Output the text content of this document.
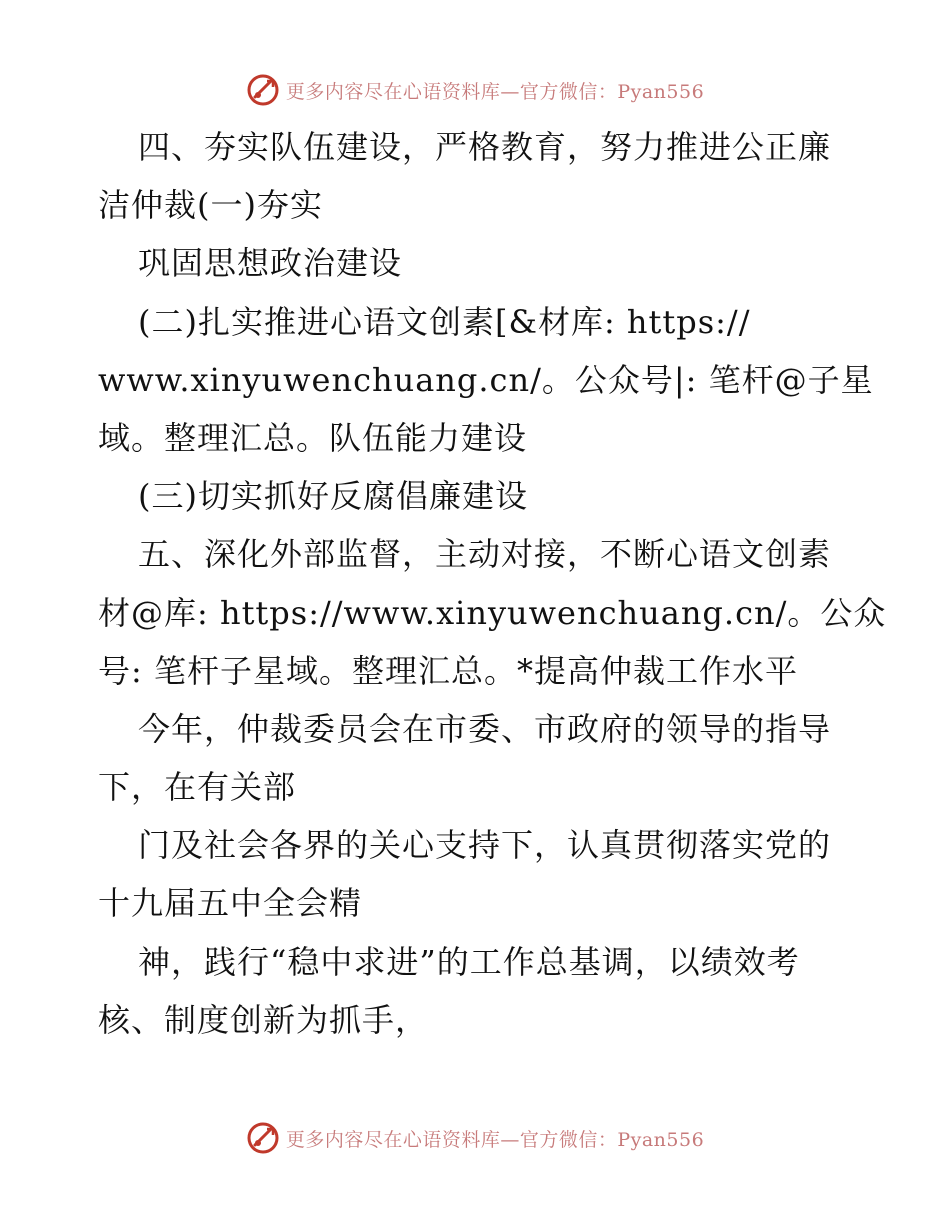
更多内容尽在心语资料库—官方微信：Pyan556
四、夯实队伍建设，严格教育，努力推进公正廉
洁仲裁(一)夯实
巩固思想政治建设
(二)扎实推进心语文创素[&材库: https://
www.xinyuwenchuang.cn/。公众号|: 笔杆@子星
域。整理汇总。队伍能力建设
(三)切实抓好反腐倡廉建设
五、深化外部监督，主动对接，不断心语文创素
材@库: https://www.xinyuwenchuang.cn/。公众
号: 笔杆子星域。整理汇总。*提高仲裁工作水平
今年，仲裁委员会在市委、市政府的领导的指导
下，在有关部
门及社会各界的关心支持下，认真贯彻落实党的
十九届五中全会精
神，践行“稳中求进”的工作总基调，以绩效考
核、制度创新为抓手，
更多内容尽在心语资料库—官方微信：Pyan556
